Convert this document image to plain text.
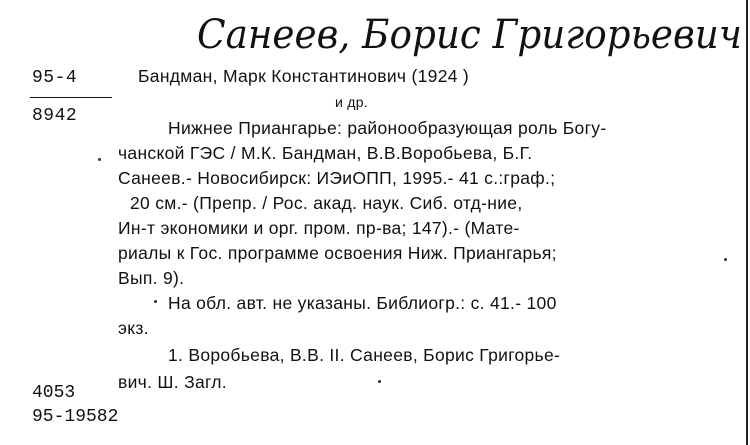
Санеев, Борис Григорьевич
95-4
8942
Бандман, Марк Константинович (1924 )
и др.
Нижнее Приангарье: районообразующая роль Богу-
чанской ГЭС / М.К. Бандман, В.В.Воробьева, Б.Г.
Санеев.- Новосибирск: ИЭиОПП, 1995.- 41 с.:граф.;
20 см.- (Препр. / Рос. акад. наук. Сиб. отд-ние,
Ин-т экономики и орг. пром. пр-ва; 147).- (Мате-
риалы к Гос. программе освоения Ниж. Приангарья;
Вып. 9).
На обл. авт. не указаны. Библиогр.: с. 41.- 100
экз.
1. Воробьева, В.В. II. Санеев, Борис Григорье-
вич. Ш. Загл.
4053
95-19582
